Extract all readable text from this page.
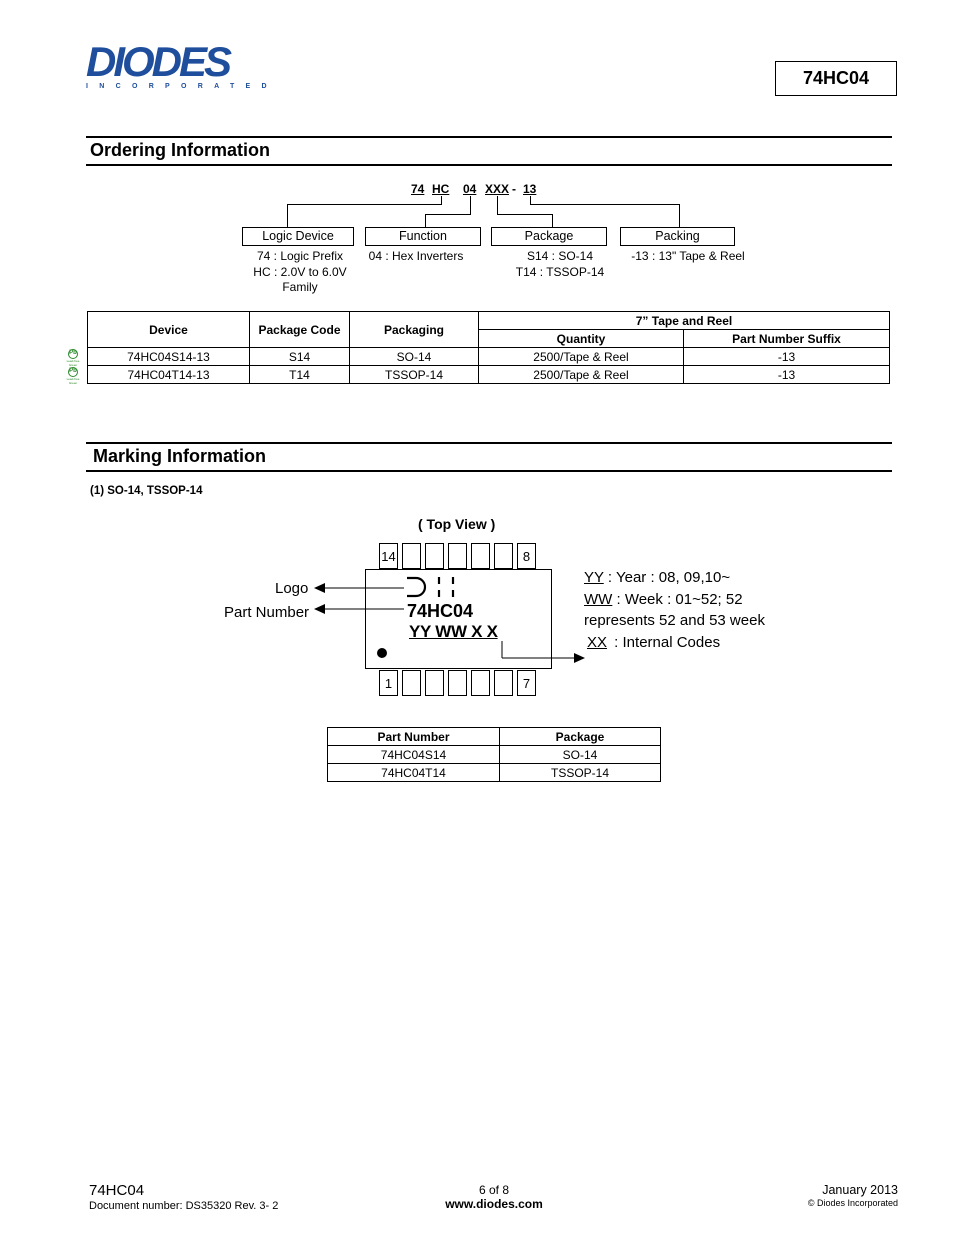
DIODES
INCORPORATED	74HC04
Ordering Information
74 HC 04 XXX - 13
Logic Device	Function	Package	Packing
74 : Logic Prefix
HC : 2.0V to 6.0V
Family
04 : Hex Inverters	S14 : SO-14
T14 : TSSOP-14
-13 : 13" Tape & Reel
Device	Package Code	Packaging	7” Tape and Reel	
			Quantity	Part Number Suffix
74HC04S14-13	S14	SO-14	2500/Tape & Reel	-13
74HC04T14-13	T14	TSSOP-14	2500/Tape & Reel	-13
Pb
Lead-free Green
Pb
Lead-free Green
Marking Information
(1) SO-14, TSSOP-14
( Top View )
14	8
1	7
74HC04
YY WW X X
Logo
Part Number
YY : Year : 08, 09,10~
WW : Week : 01~52; 52
represents 52 and 53 week
XX : Internal Codes
Part Number	Package
74HC04S14	SO-14
74HC04T14	TSSOP-14
74HC04
Document number: DS35320 Rev. 3- 2
6 of 8
www.diodes.com
January 2013
© Diodes Incorporated
